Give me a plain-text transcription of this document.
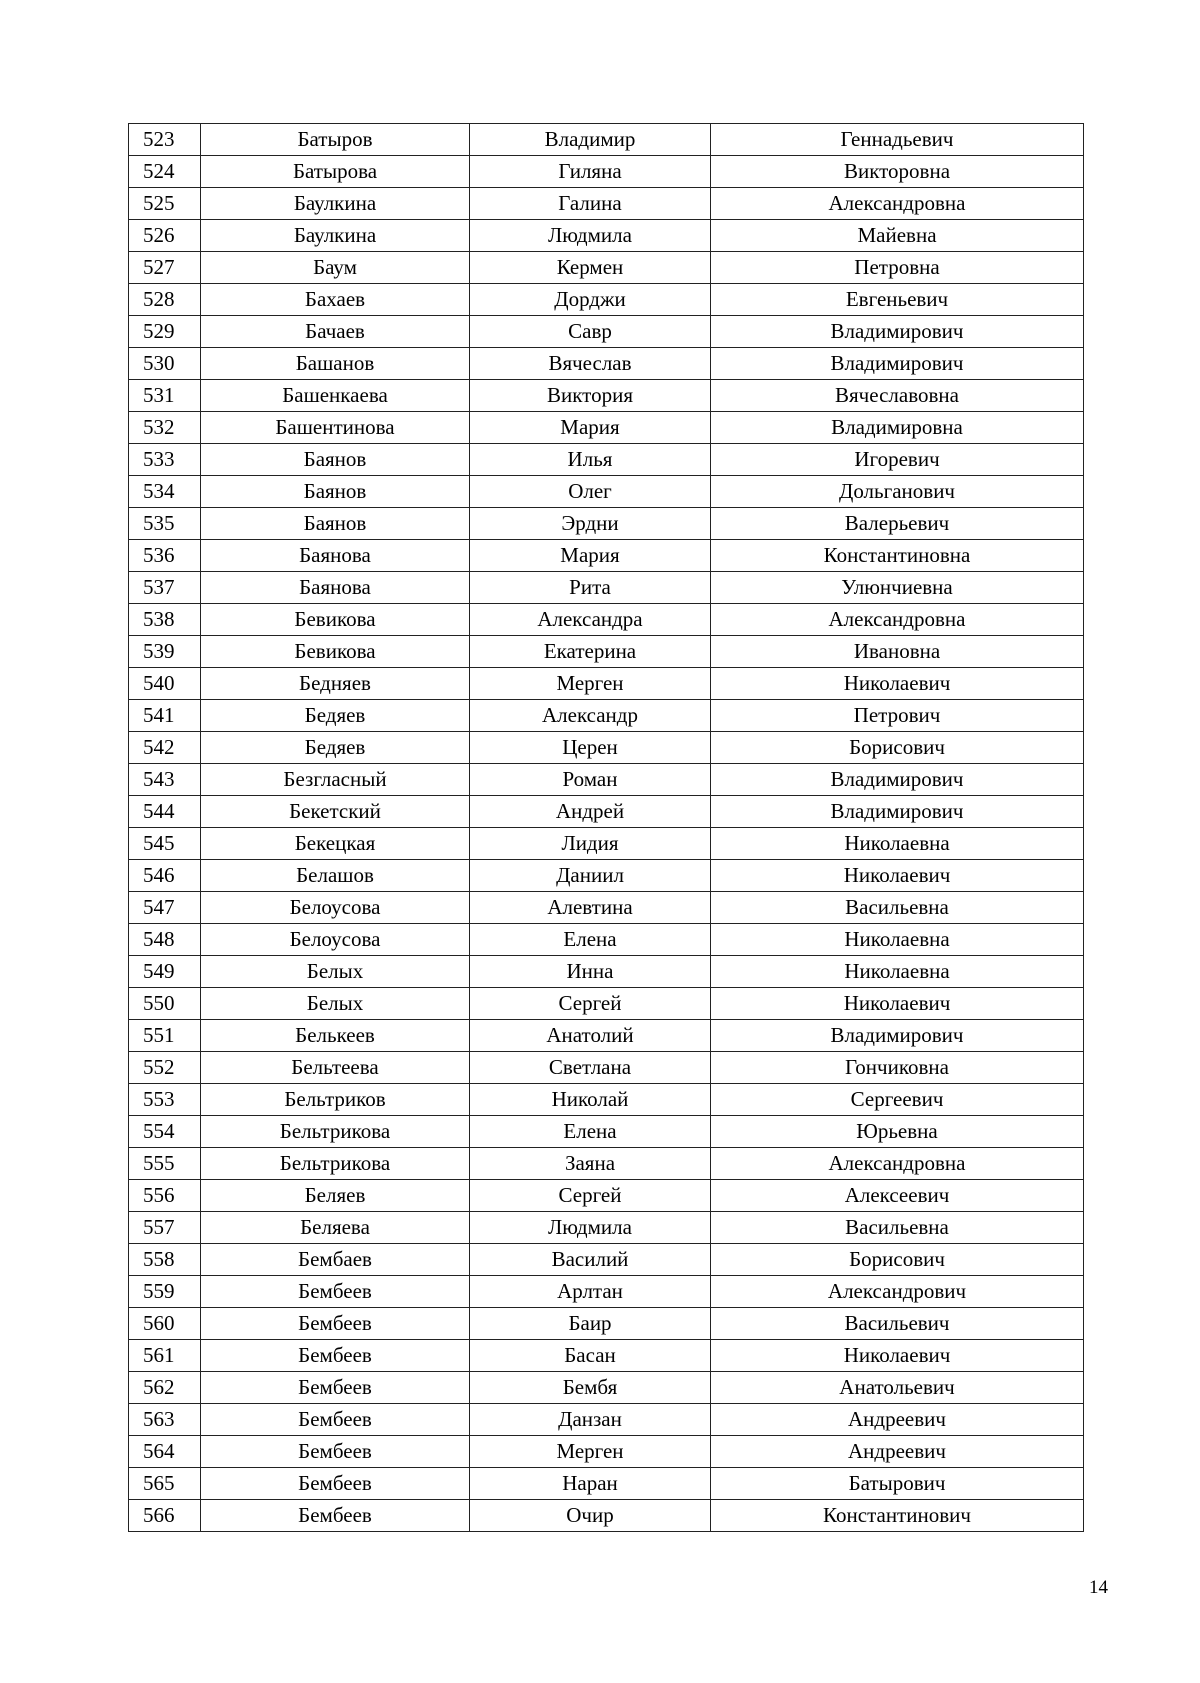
523	Батыров	Владимир	Геннадьевич
524	Батырова	Гиляна	Викторовна
525	Баулкина	Галина	Александровна
526	Баулкина	Людмила	Майевна
527	Баум	Кермен	Петровна
528	Бахаев	Дорджи	Евгеньевич
529	Бачаев	Савр	Владимирович
530	Башанов	Вячеслав	Владимирович
531	Башенкаева	Виктория	Вячеславовна
532	Башентинова	Мария	Владимировна
533	Баянов	Илья	Игоревич
534	Баянов	Олег	Дольганович
535	Баянов	Эрдни	Валерьевич
536	Баянова	Мария	Константиновна
537	Баянова	Рита	Улюнчиевна
538	Бевикова	Александра	Александровна
539	Бевикова	Екатерина	Ивановна
540	Бедняев	Мерген	Николаевич
541	Бедяев	Александр	Петрович
542	Бедяев	Церен	Борисович
543	Безгласный	Роман	Владимирович
544	Бекетский	Андрей	Владимирович
545	Бекецкая	Лидия	Николаевна
546	Белашов	Даниил	Николаевич
547	Белоусова	Алевтина	Васильевна
548	Белоусова	Елена	Николаевна
549	Белых	Инна	Николаевна
550	Белых	Сергей	Николаевич
551	Белькеев	Анатолий	Владимирович
552	Бельтеева	Светлана	Гончиковна
553	Бельтриков	Николай	Сергеевич
554	Бельтрикова	Елена	Юрьевна
555	Бельтрикова	Заяна	Александровна
556	Беляев	Сергей	Алексеевич
557	Беляева	Людмила	Васильевна
558	Бембаев	Василий	Борисович
559	Бембеев	Арлтан	Александрович
560	Бембеев	Баир	Васильевич
561	Бембеев	Басан	Николаевич
562	Бембеев	Бембя	Анатольевич
563	Бембеев	Данзан	Андреевич
564	Бембеев	Мерген	Андреевич
565	Бембеев	Наран	Батырович
566	Бембеев	Очир	Константинович
14
